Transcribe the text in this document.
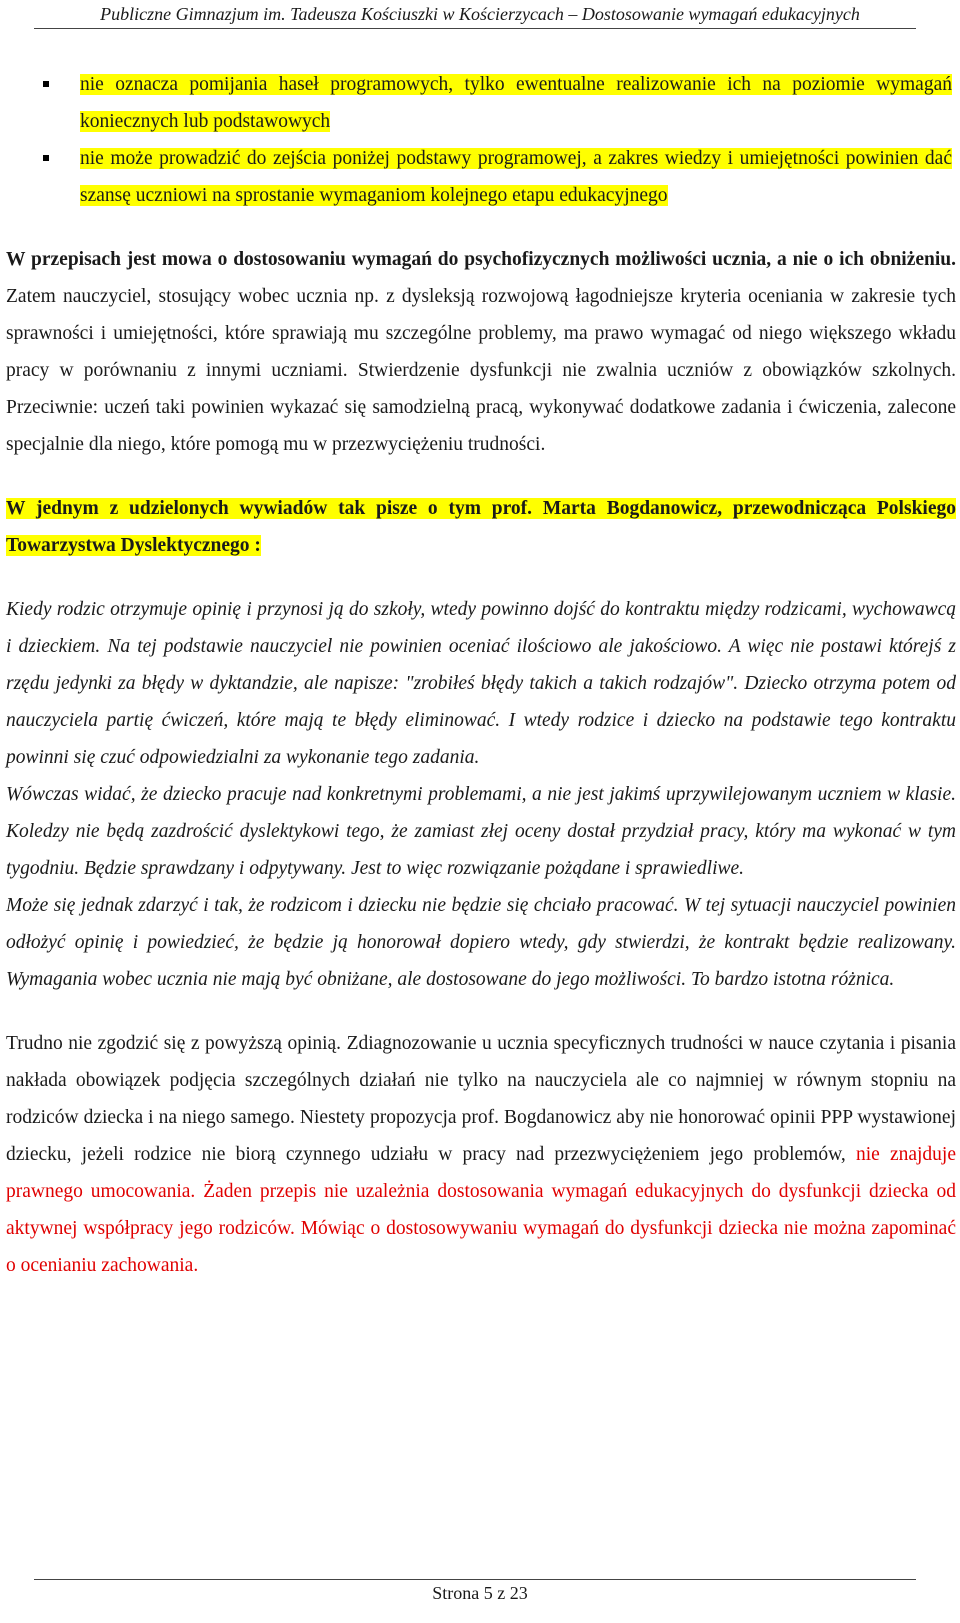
Publiczne Gimnazjum im. Tadeusza Kościuszki w Kościerzycach – Dostosowanie wymagań edukacyjnych
nie oznacza pomijania haseł programowych, tylko ewentualne realizowanie ich na poziomie wymagań koniecznych lub podstawowych
nie może prowadzić do zejścia poniżej podstawy programowej, a zakres wiedzy i umiejętności powinien dać szansę uczniowi na sprostanie wymaganiom kolejnego etapu edukacyjnego

W przepisach jest mowa o dostosowaniu wymagań do psychofizycznych możliwości ucznia, a nie o ich obniżeniu. Zatem nauczyciel, stosujący wobec ucznia np. z dysleksją rozwojową łagodniejsze kryteria oceniania w zakresie tych sprawności i umiejętności, które sprawiają mu szczególne problemy, ma prawo wymagać od niego większego wkładu pracy w porównaniu z innymi uczniami. Stwierdzenie dysfunkcji nie zwalnia uczniów z obowiązków szkolnych. Przeciwnie: uczeń taki powinien wykazać się samodzielną pracą, wykonywać dodatkowe zadania i ćwiczenia, zalecone specjalnie dla niego, które pomogą mu w przezwyciężeniu trudności.

W jednym z udzielonych wywiadów tak pisze o tym prof. Marta Bogdanowicz, przewodnicząca Polskiego Towarzystwa Dyslektycznego :

Kiedy rodzic otrzymuje opinię i przynosi ją do szkoły, wtedy powinno dojść do kontraktu między rodzicami, wychowawcą i dzieckiem. Na tej podstawie nauczyciel nie powinien oceniać ilościowo ale jakościowo. A więc nie postawi którejś z rzędu jedynki za błędy w dyktandzie, ale napisze: "zrobiłeś błędy takich a takich rodzajów". Dziecko otrzyma potem od nauczyciela partię ćwiczeń, które mają te błędy eliminować. I wtedy rodzice i dziecko na podstawie tego kontraktu powinni się czuć odpowiedzialni za wykonanie tego zadania.

Wówczas widać, że dziecko pracuje nad konkretnymi problemami, a nie jest jakimś uprzywilejowanym uczniem w klasie. Koledzy nie będą zazdrościć dyslektykowi tego, że zamiast złej oceny dostał przydział pracy, który ma wykonać w tym tygodniu. Będzie sprawdzany i odpytywany. Jest to więc rozwiązanie pożądane i sprawiedliwe.

Może się jednak zdarzyć i tak, że rodzicom i dziecku nie będzie się chciało pracować. W tej sytuacji nauczyciel powinien odłożyć opinię i powiedzieć, że będzie ją honorował dopiero wtedy, gdy stwierdzi, że kontrakt będzie realizowany. Wymagania wobec ucznia nie mają być obniżane, ale dostosowane do jego możliwości. To bardzo istotna różnica.

Trudno nie zgodzić się z powyższą opinią. Zdiagnozowanie u ucznia specyficznych trudności w nauce czytania i pisania nakłada obowiązek podjęcia szczególnych działań nie tylko na nauczyciela ale co najmniej w równym stopniu na rodziców dziecka i na niego samego. Niestety propozycja prof. Bogdanowicz aby nie honorować opinii PPP wystawionej dziecku, jeżeli rodzice nie biorą czynnego udziału w pracy nad przezwyciężeniem jego problemów, nie znajduje prawnego umocowania. Żaden przepis nie uzależnia dostosowania wymagań edukacyjnych do dysfunkcji dziecka od aktywnej współpracy jego rodziców. Mówiąc o dostosowywaniu wymagań do dysfunkcji dziecka nie można zapominać o ocenianiu zachowania.

Strona 5 z 23
